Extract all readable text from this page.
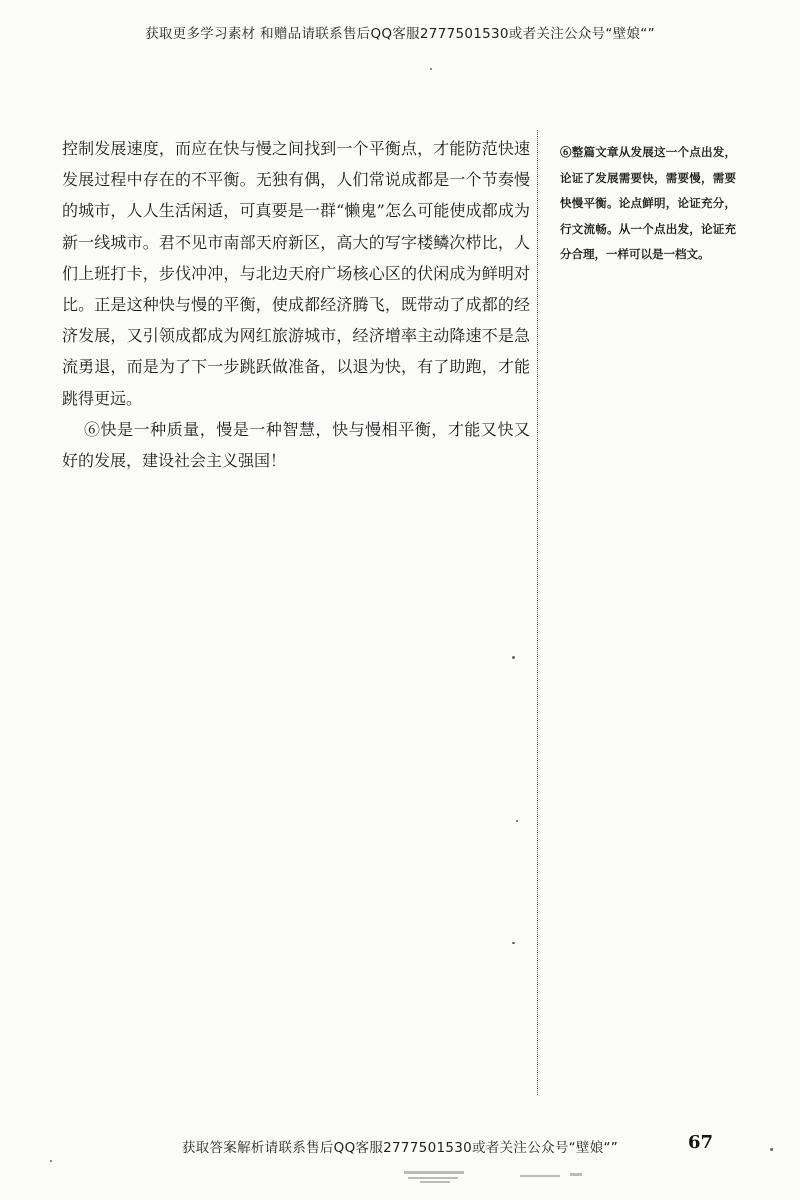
获取更多学习素材 和赠品请联系售后QQ客服2777501530或者关注公众号“壁娘“”

控制发展速度，而应在快与慢之间找到一个平衡点，才能防范快速发展过程中存在的不平衡。无独有偶，人们常说成都是一个节奏慢的城市，人人生活闲适，可真要是一群“懒鬼”怎么可能使成都成为新一线城市。君不见市南部天府新区，高大的写字楼鳞次栉比，人们上班打卡，步伐冲冲，与北边天府广场核心区的伏闲成为鲜明对比。正是这种快与慢的平衡，使成都经济腾飞，既带动了成都的经济发展，又引领成都成为网红旅游城市，经济增率主动降速不是急流勇退，而是为了下一步跳跃做准备，以退为快，有了助跑，才能跳得更远。

⑥快是一种质量，慢是一种智慧，快与慢相平衡，才能又快又好的发展，建设社会主义强国！

⑥整篇文章从发展这一个点出发，论证了发展需要快，需要慢，需要快慢平衡。论点鲜明，论证充分，行文流畅。从一个点出发，论证充分合理，一样可以是一档文。
获取答案解析请联系售后QQ客服2777501530或者关注公众号“壁娘“”	67
